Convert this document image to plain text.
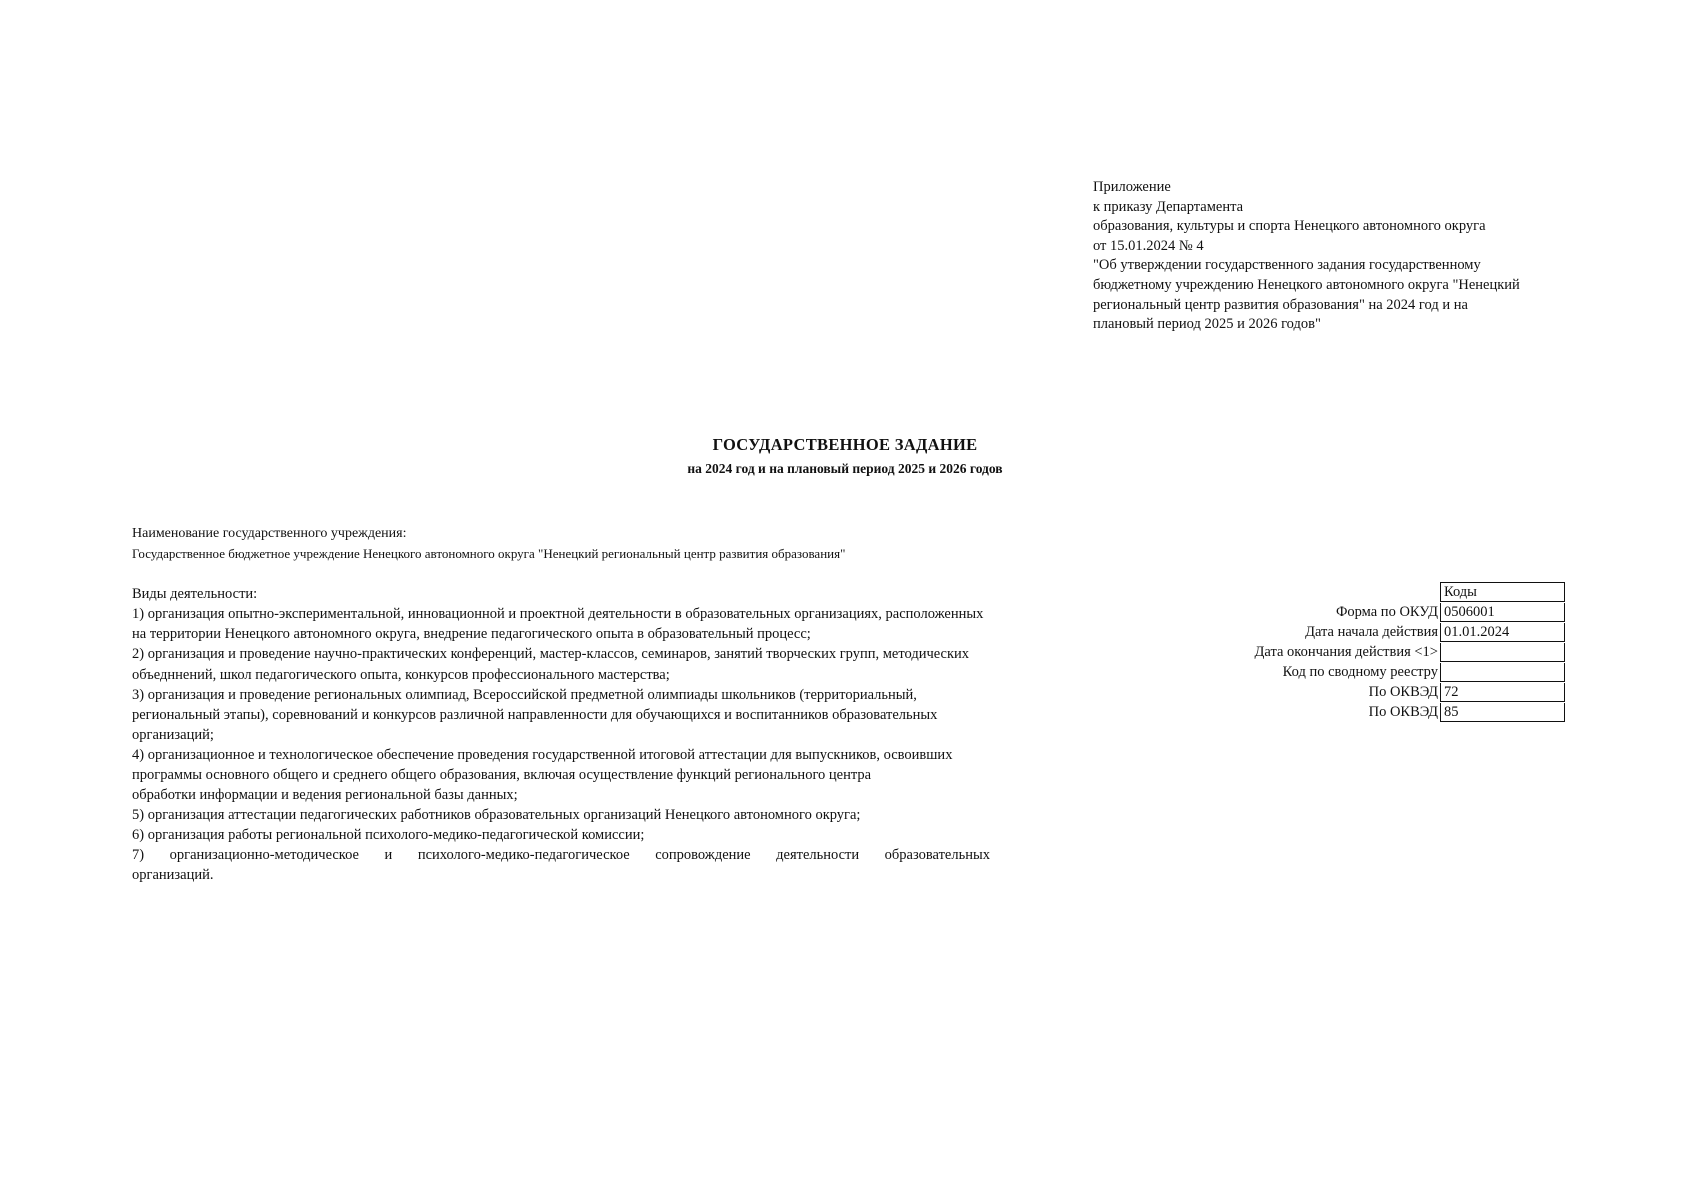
Приложение
к приказу Департамента
образования, культуры и спорта Ненецкого автономного округа
от 15.01.2024 № 4
"Об утверждении государственного задания государственному
бюджетному учреждению Ненецкого автономного округа "Ненецкий
региональный центр развития образования" на 2024 год и на
плановый период 2025 и 2026 годов"
ГОСУДАРСТВЕННОЕ ЗАДАНИЕ
на 2024 год и на плановый период 2025 и 2026 годов
Наименование государственного учреждения:
Государственное бюджетное учреждение Ненецкого автономного округа "Ненецкий региональный центр развития образования"
Виды деятельности:
1) организация опытно-экспериментальной, инновационной и проектной деятельности в образовательных организациях, расположенных
на территории Ненецкого автономного округа, внедрение педагогического опыта в образовательный процесс;
2) организация и проведение научно-практических конференций, мастер-классов, семинаров, занятий творческих групп, методических
объедннений, школ педагогического опыта, конкурсов профессионального мастерства;
3) организация и проведение региональных олимпиад, Всероссийской предметной олимпиады школьников (территориальный,
региональный этапы), соревнований и конкурсов различной направленности для обучающихся и воспитанников образовательных
организаций;
4) организационное и технологическое обеспечение проведения государственной итоговой аттестации для выпускников, освоивших
программы основного общего и среднего общего образования, включая осуществление функций регионального центра
обработки информации и ведения региональной базы данных;
5) организация аттестации педагогических работников образовательных организаций Ненецкого автономного округа;
6) организация работы региональной психолого-медико-педагогической комиссии;
7) организационно-методическое и психолого-медико-педагогическое сопровождение деятельности образовательных
организаций.
Коды
Форма по ОКУД 0506001
Дата начала действия 01.01.2024
Дата окончания действия <1>
Код по сводному реестру
По ОКВЭД 72
По ОКВЭД 85
